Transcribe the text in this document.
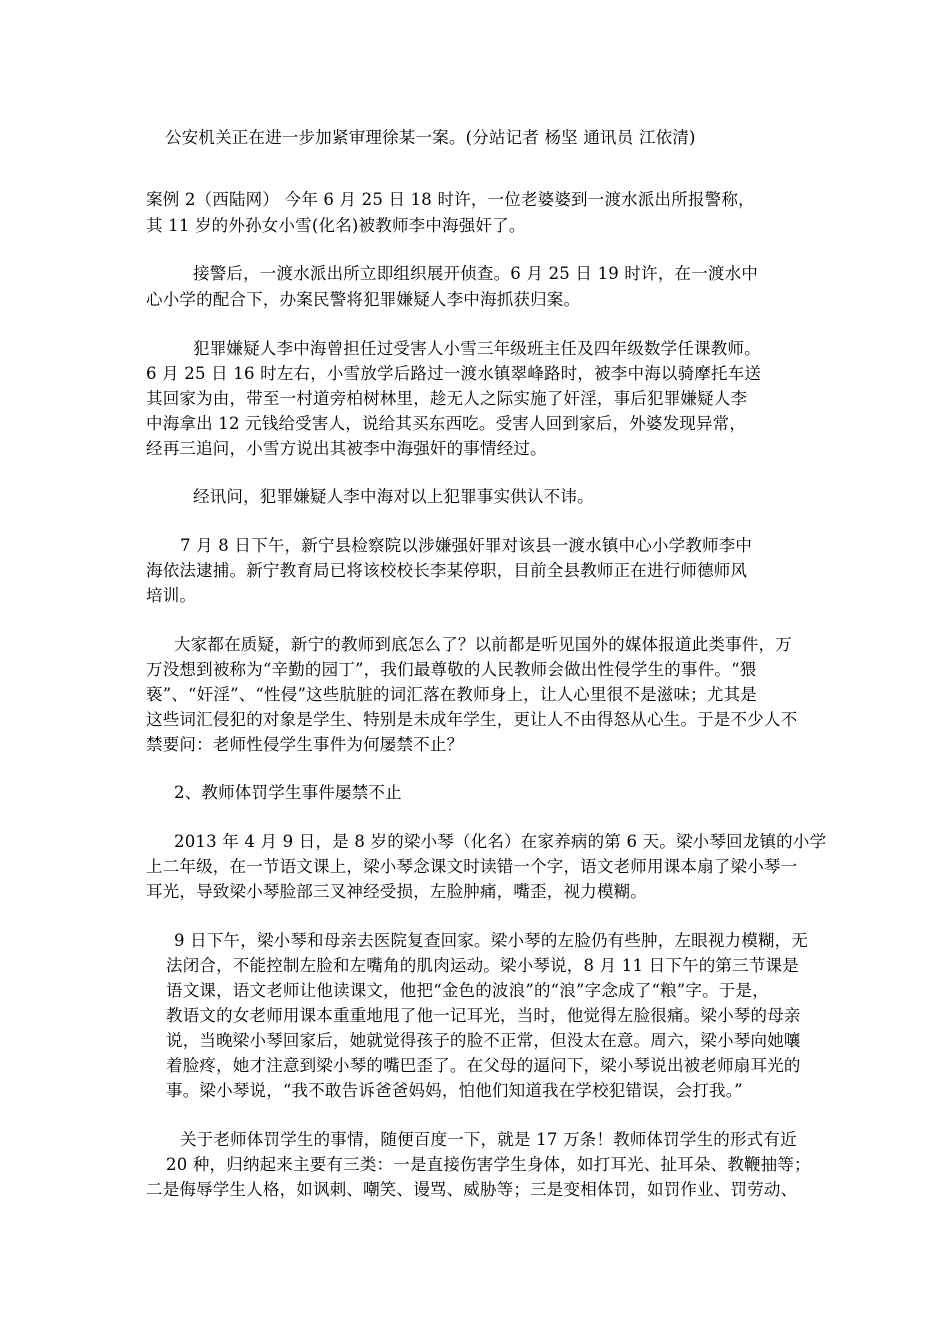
公安机关正在进一步加紧审理徐某一案。(分站记者 杨坚 通讯员 江依清)
案例 2（西陆网） 今年 6 月 25 日 18 时许，一位老婆婆到一渡水派出所报警称，
其 11 岁的外孙女小雪(化名)被教师李中海强奸了。
接警后，一渡水派出所立即组织展开侦查。6 月 25 日 19 时许，在一渡水中
心小学的配合下，办案民警将犯罪嫌疑人李中海抓获归案。
犯罪嫌疑人李中海曾担任过受害人小雪三年级班主任及四年级数学任课教师。
6 月 25 日 16 时左右，小雪放学后路过一渡水镇翠峰路时，被李中海以骑摩托车送
其回家为由，带至一村道旁柏树林里，趁无人之际实施了奸淫，事后犯罪嫌疑人李
中海拿出 12 元钱给受害人，说给其买东西吃。受害人回到家后，外婆发现异常，
经再三追问，小雪方说出其被李中海强奸的事情经过。
经讯问，犯罪嫌疑人李中海对以上犯罪事实供认不讳。
7 月 8 日下午，新宁县检察院以涉嫌强奸罪对该县一渡水镇中心小学教师李中
海依法逮捕。新宁教育局已将该校校长李某停职，目前全县教师正在进行师德师风
培训。
大家都在质疑，新宁的教师到底怎么了？以前都是听见国外的媒体报道此类事件，万
万没想到被称为“辛勤的园丁”，我们最尊敬的人民教师会做出性侵学生的事件。“猥
亵”、“奸淫”、“性侵”这些肮脏的词汇落在教师身上，让人心里很不是滋味；尤其是
这些词汇侵犯的对象是学生、特别是未成年学生，更让人不由得怒从心生。于是不少人不
禁要问：老师性侵学生事件为何屡禁不止？
2、教师体罚学生事件屡禁不止
2013 年 4 月 9 日，是 8 岁的梁小琴（化名）在家养病的第 6 天。梁小琴回龙镇的小学
上二年级，在一节语文课上，梁小琴念课文时读错一个字，语文老师用课本扇了梁小琴一
耳光，导致梁小琴脸部三叉神经受损，左脸肿痛，嘴歪，视力模糊。
9 日下午，梁小琴和母亲去医院复查回家。梁小琴的左脸仍有些肿，左眼视力模糊，无
法闭合，不能控制左脸和左嘴角的肌肉运动。梁小琴说，8 月 11 日下午的第三节课是
语文课，语文老师让他读课文，他把“金色的波浪”的“浪”字念成了“粮”字。于是，
教语文的女老师用课本重重地甩了他一记耳光，当时，他觉得左脸很痛。梁小琴的母亲
说，当晚梁小琴回家后，她就觉得孩子的脸不正常，但没太在意。周六，梁小琴向她嚷
着脸疼，她才注意到梁小琴的嘴巴歪了。在父母的逼问下，梁小琴说出被老师扇耳光的
事。梁小琴说，“我不敢告诉爸爸妈妈，怕他们知道我在学校犯错误，会打我。”
关于老师体罚学生的事情，随便百度一下，就是 17 万条！教师体罚学生的形式有近
20 种，归纳起来主要有三类：一是直接伤害学生身体，如打耳光、扯耳朵、教鞭抽等；
二是侮辱学生人格，如讽刺、嘲笑、谩骂、威胁等；三是变相体罚，如罚作业、罚劳动、
